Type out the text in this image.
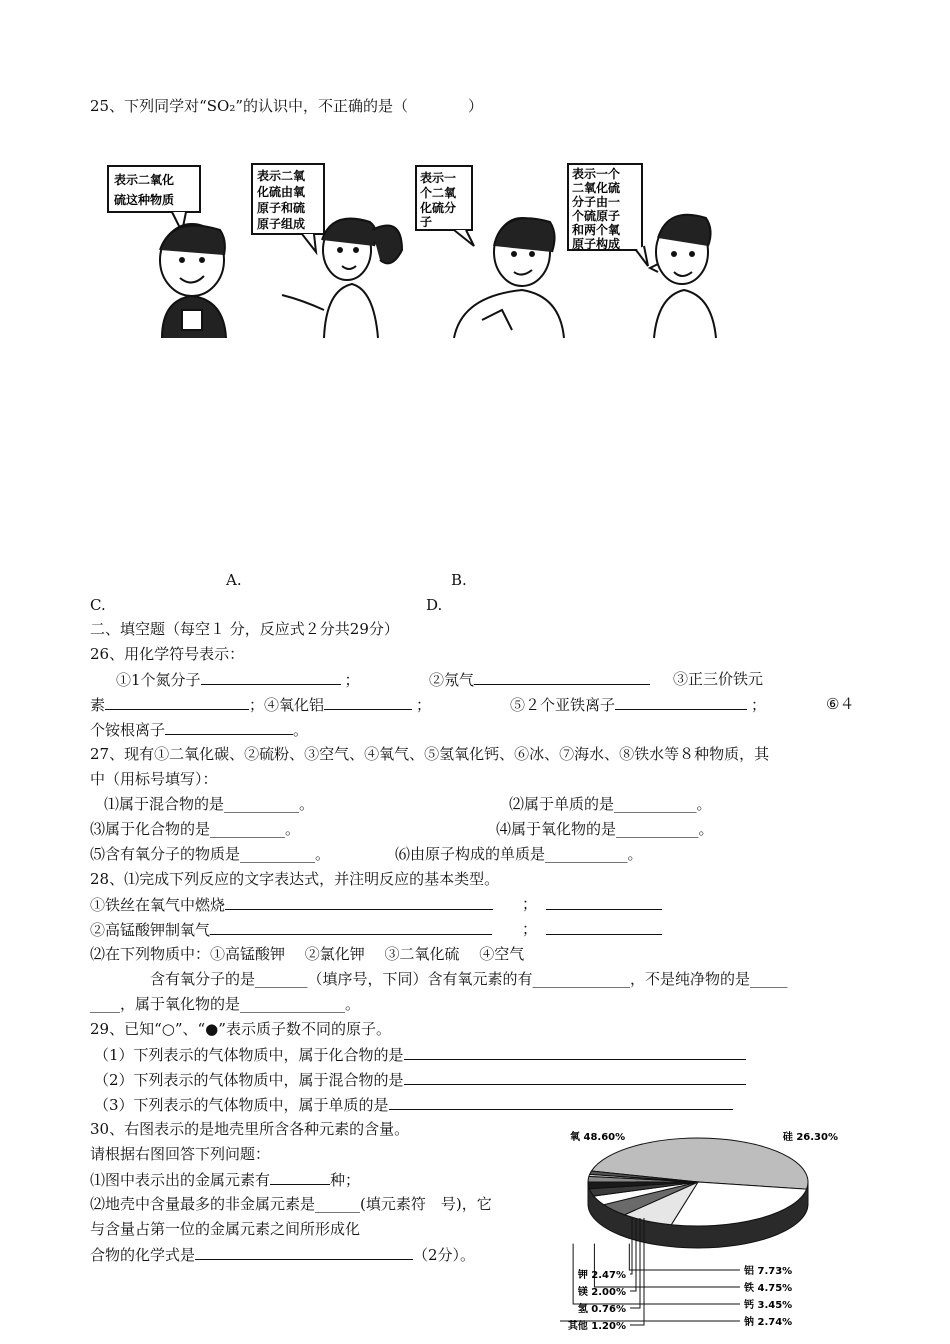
25、下列同学对“SO₂”的认识中，不正确的是（　　　　）
表示二氧化
硫这种物质
表示二氧
化硫由氧
原子和硫
原子组成
表示一
个二氧
化硫分
子
表示一个
二氧化硫
分子由一
个硫原子
和两个氧
原子构成
A.	B.
C.	D.
二、填空题（每空１ 分，反应式２分共29分）
26、用化学符号表示：
①1个氮分子	；	②氖气	③正三价铁元
素	；④氧化铝	；	⑤２个亚铁离子	；	⑥４
个铵根离子	。
27、现有①二氧化碳、②硫粉、③空气、④氧气、⑤氢氧化钙、⑥冰、⑦海水、⑧铁水等８种物质，其
中（用标号填写）：
⑴属于混合物的是__________。	⑵属于单质的是___________。
⑶属于化合物的是__________。	⑷属于氧化物的是___________。
⑸含有氧分子的物质是__________。	⑹由原子构成的单质是___________。
28、⑴完成下列反应的文字表达式，并注明反应的基本类型。
①铁丝在氧气中燃烧	；
②高锰酸钾制氧气	；
⑵在下列物质中：①高锰酸钾　 ②氯化钾　 ③二氧化硫　 ④空气
含有氧分子的是_______（填序号，下同）含有氧元素的有_____________，不是纯净物的是_____
____，属于氧化物的是______________。
29、已知“○”、“●”表示质子数不同的原子。
（1）下列表示的气体物质中，属于化合物的是
（2）下列表示的气体物质中，属于混合物的是
（3）下列表示的气体物质中，属于单质的是
30、右图表示的是地壳里所含各种元素的含量。
请根据右图回答下列问题：
⑴图中表示出的金属元素有	种；
⑵地壳中含量最多的非金属元素是______(填元素符　号)，它
与含量占第一位的金属元素之间所形成化
合物的化学式是	（2分）。
氧 48.60%	硅 26.30%
铝 7.73%
铁 4.75%
钙 3.45%
钠 2.74%
钾 2.47%
镁 2.00%
氢 0.76%
其他 1.20%
